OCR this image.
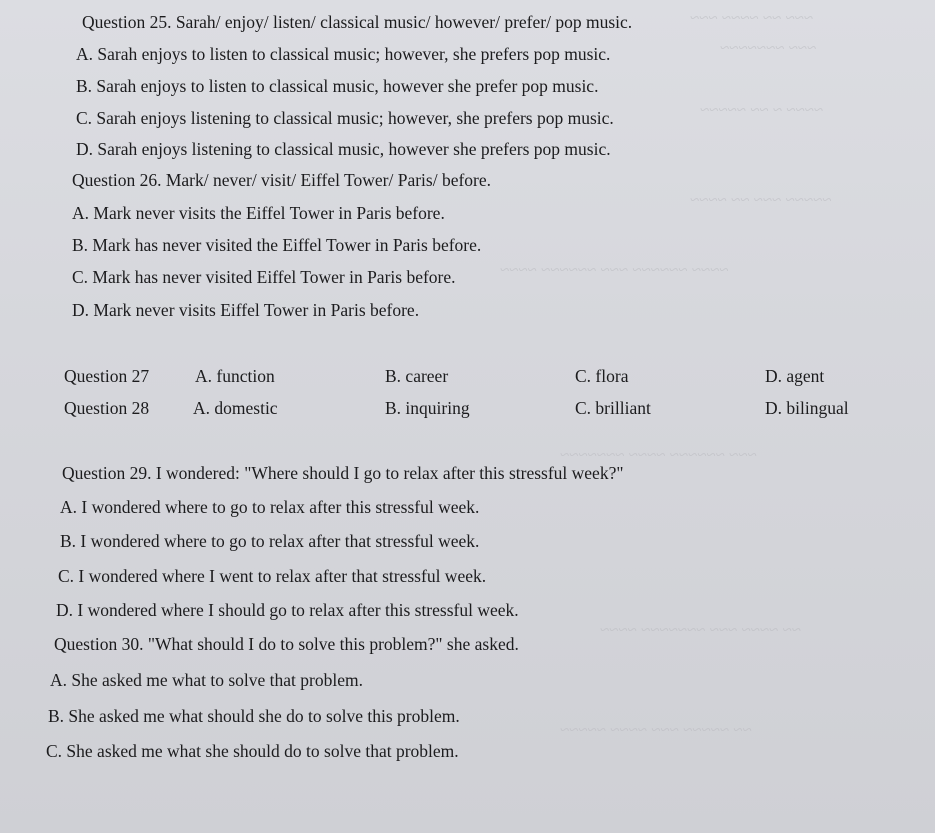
~~~ ~~ ~~~~ ~~~
~~~ ~~~~~~~
~~~~ ~ ~~ ~~~~~
~~~~~ ~~~ ~~ ~~~~
~~~~ ~~~~~~ ~~~ ~~~~~~ ~~~~
~~~ ~~~~~~ ~~~~ ~~~~~~~
~~ ~~~~ ~~~ ~~~~~~~ ~~~~
~~ ~~~~~ ~~~ ~~~~ ~~~~~
Question 25. Sarah/ enjoy/ listen/ classical music/ however/ prefer/ pop music.
A. Sarah enjoys to listen to classical music; however, she prefers pop music.
B. Sarah enjoys to listen to classical music, however she prefer pop music.
C. Sarah enjoys listening to classical music; however, she prefers pop music.
D. Sarah enjoys listening to classical music, however she prefers pop music.
Question 26. Mark/ never/ visit/ Eiffel Tower/ Paris/ before.
A. Mark never visits the Eiffel Tower in Paris before.
B. Mark has never visited the Eiffel Tower in Paris before.
C. Mark has never visited Eiffel Tower in Paris before.
D. Mark never visits Eiffel Tower in Paris before.
Question 27	A. function	B. career	C. flora	D. agent
Question 28	A. domestic	B. inquiring	C. brilliant	D. bilingual
Question 29. I wondered: "Where should I go to relax after this stressful week?"
A. I wondered where to go to relax after this stressful week.
B. I wondered where to go to relax after that stressful week.
C. I wondered where I went to relax after that stressful week.
D. I wondered where I should go to relax after this stressful week.
Question 30. "What should I do to solve this problem?" she asked.
A. She asked me what to solve that problem.
B. She asked me what should she do to solve this problem.
C. She asked me what she should do to solve that problem.
